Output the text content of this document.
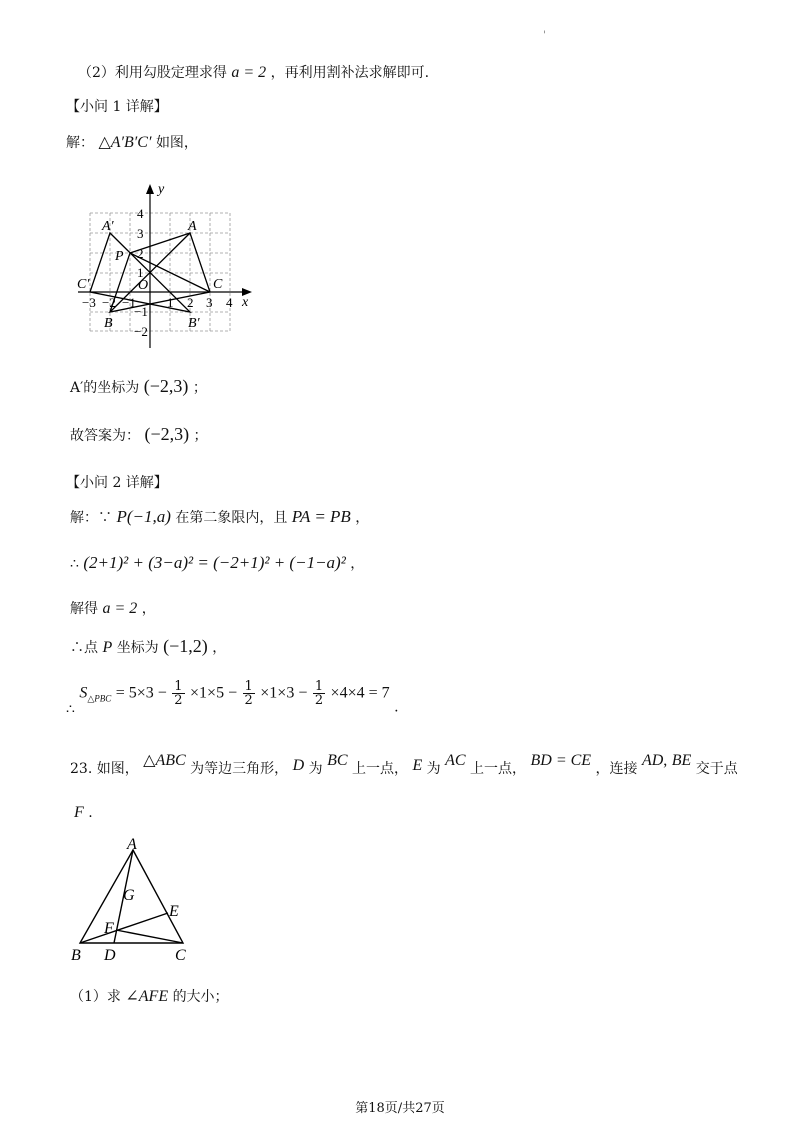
'
（2）利用勾股定理求得 a = 2 ，再利用割补法求解即可.
【小问 1 详解】
解： △A′B′C′ 如图，
y
x
A′	A
P
C′	C
O
B	B′
4
3
2
1
−1
−2
−3 −2 −1 1 2 3 4
A′的坐标为 (−2,3) ；
故答案为： (−2,3) ；
【小问 2 详解】
解：∵ P(−1,a) 在第二象限内，且 PA = PB ，
∴ (2+1)² + (3−a)² = (−2+1)² + (−1−a)² ，
解得 a = 2 ，
∴点 P 坐标为 (−1,2) ，
∴ $S_{\triangle PBC} = 5\times 3 - \frac{1}{2} \times 1\times 5 - \frac{1}{2} \times 1\times 3 - \frac{1}{2} \times 4\times 4 = 7$ .
23. 如图， △ABC 为等边三角形， D 为 BC 上一点， E 为 AC 上一点， BD = CE ，连接 AD, BE 交于点
F .
A
G
E
F
B D	C
（1）求 ∠AFE 的大小；
第18页/共27页
